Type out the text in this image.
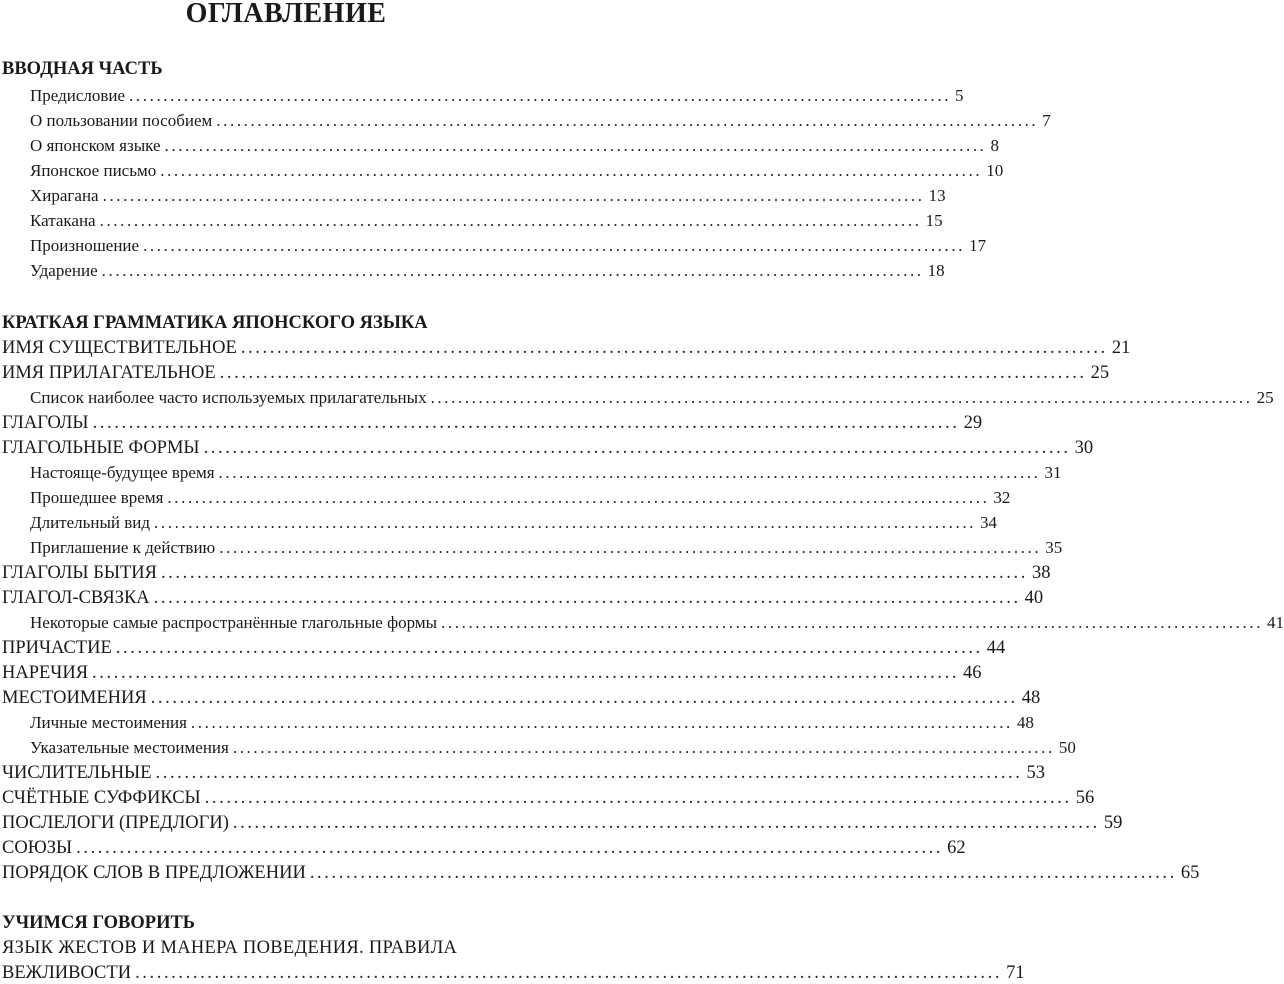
ОГЛАВЛЕНИЕ
ВВОДНАЯ ЧАСТЬ
Предисловие ........................................................................................................................ 5
О пользовании пособием ........................................................................................................................ 7
О японском языке ........................................................................................................................ 8
Японское письмо ........................................................................................................................ 10
Хирагана ........................................................................................................................ 13
Катакана ........................................................................................................................ 15
Произношение ........................................................................................................................ 17
Ударение ........................................................................................................................ 18
КРАТКАЯ ГРАММАТИКА ЯПОНСКОГО ЯЗЫКА
ИМЯ СУЩЕСТВИТЕЛЬНОЕ ........................................................................................................................ 21
ИМЯ ПРИЛАГАТЕЛЬНОЕ ........................................................................................................................ 25
Список наиболее часто используемых прилагательных ........................................................................................................................ 25
ГЛАГОЛЫ ........................................................................................................................ 29
ГЛАГОЛЬНЫЕ ФОРМЫ ........................................................................................................................ 30
Настояще-будущее время ........................................................................................................................ 31
Прошедшее время ........................................................................................................................ 32
Длительный вид ........................................................................................................................ 34
Приглашение к действию ........................................................................................................................ 35
ГЛАГОЛЫ БЫТИЯ ........................................................................................................................ 38
ГЛАГОЛ-СВЯЗКА ........................................................................................................................ 40
Некоторые самые распространённые глагольные формы ........................................................................................................................ 41
ПРИЧАСТИЕ ........................................................................................................................ 44
НАРЕЧИЯ ........................................................................................................................ 46
МЕСТОИМЕНИЯ ........................................................................................................................ 48
Личные местоимения ........................................................................................................................ 48
Указательные местоимения ........................................................................................................................ 50
ЧИСЛИТЕЛЬНЫЕ ........................................................................................................................ 53
СЧЁТНЫЕ СУФФИКСЫ ........................................................................................................................ 56
ПОСЛЕЛОГИ (ПРЕДЛОГИ) ........................................................................................................................ 59
СОЮЗЫ ........................................................................................................................ 62
ПОРЯДОК СЛОВ В ПРЕДЛОЖЕНИИ ........................................................................................................................ 65
УЧИМСЯ ГОВОРИТЬ
ЯЗЫК ЖЕСТОВ И МАНЕРА ПОВЕДЕНИЯ. ПРАВИЛА
ВЕЖЛИВОСТИ ........................................................................................................................ 71
